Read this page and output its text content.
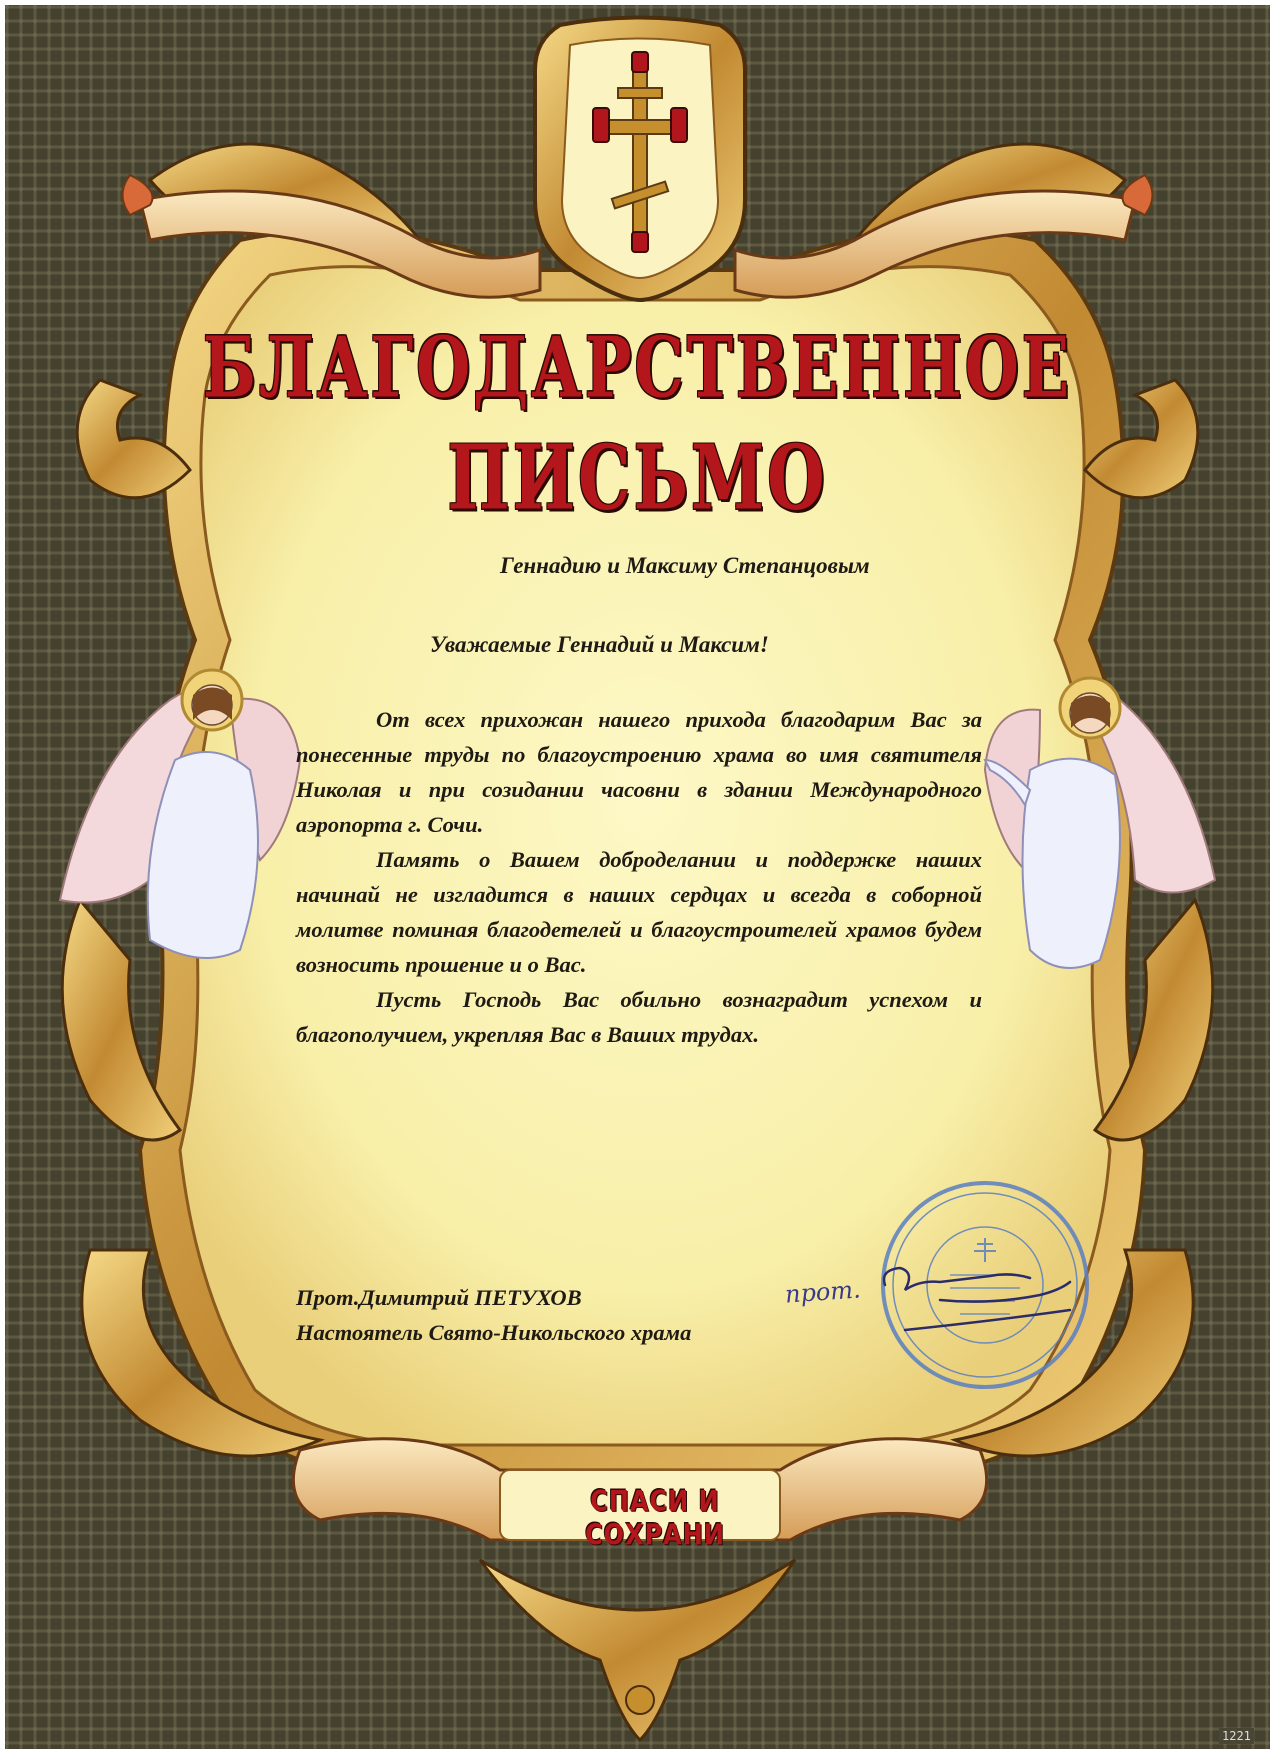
БЛАГОДАРСТВЕННОЕ
ПИСЬМО
Геннадию и Максиму Степанцовым
Уважаемые Геннадий и Максим!

От всех прихожан нашего прихода благодарим Вас за понесенные труды по благоустроению храма во имя святителя Николая и при созидании часовни в здании Международного аэропорта г. Сочи.

Память о Вашем доброделании и поддержке наших начинай не изгладится в наших сердцах и всегда в соборной молитве поминая благодетелей и благоустроителей храмов будем возносить прошение и о Вас.

Пусть Господь Вас обильно вознаградит успехом и благополучием, укрепляя Вас в Ваших трудах.

Прот.Димитрий ПЕТУХОВ
Настоятель Свято-Никольского храма
прот.
СПАСИ И СОХРАНИ
1221
